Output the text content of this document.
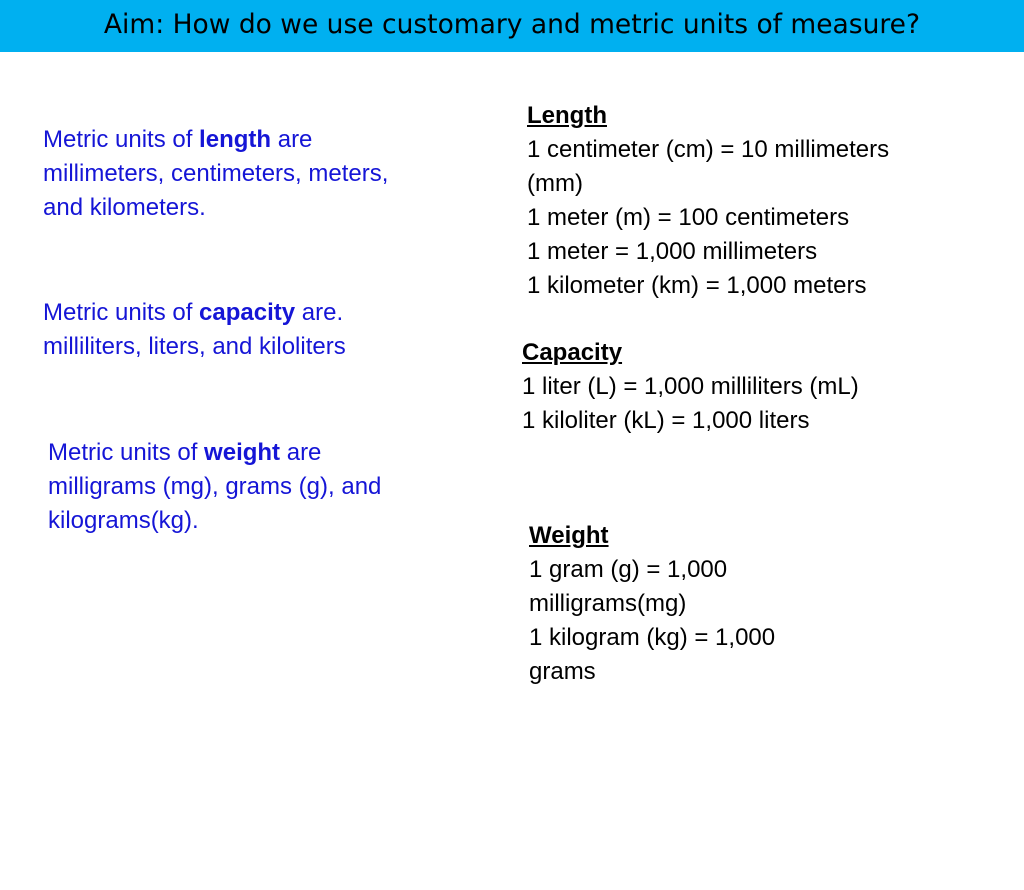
Aim: How do we use customary and metric units of measure?
Metric units of length are
millimeters, centimeters, meters,
and kilometers.
Metric units of capacity are.
milliliters, liters, and kiloliters
Metric units of weight are
milligrams (mg), grams (g), and
kilograms(kg).
Length
1 centimeter (cm) = 10 millimeters
(mm)
1 meter (m) = 100 centimeters
1 meter = 1,000 millimeters
1 kilometer (km) = 1,000 meters
Capacity
1 liter (L) = 1,000 milliliters (mL)
1 kiloliter (kL) = 1,000 liters
Weight
1 gram (g) = 1,000
milligrams(mg)
1 kilogram (kg) = 1,000
grams
